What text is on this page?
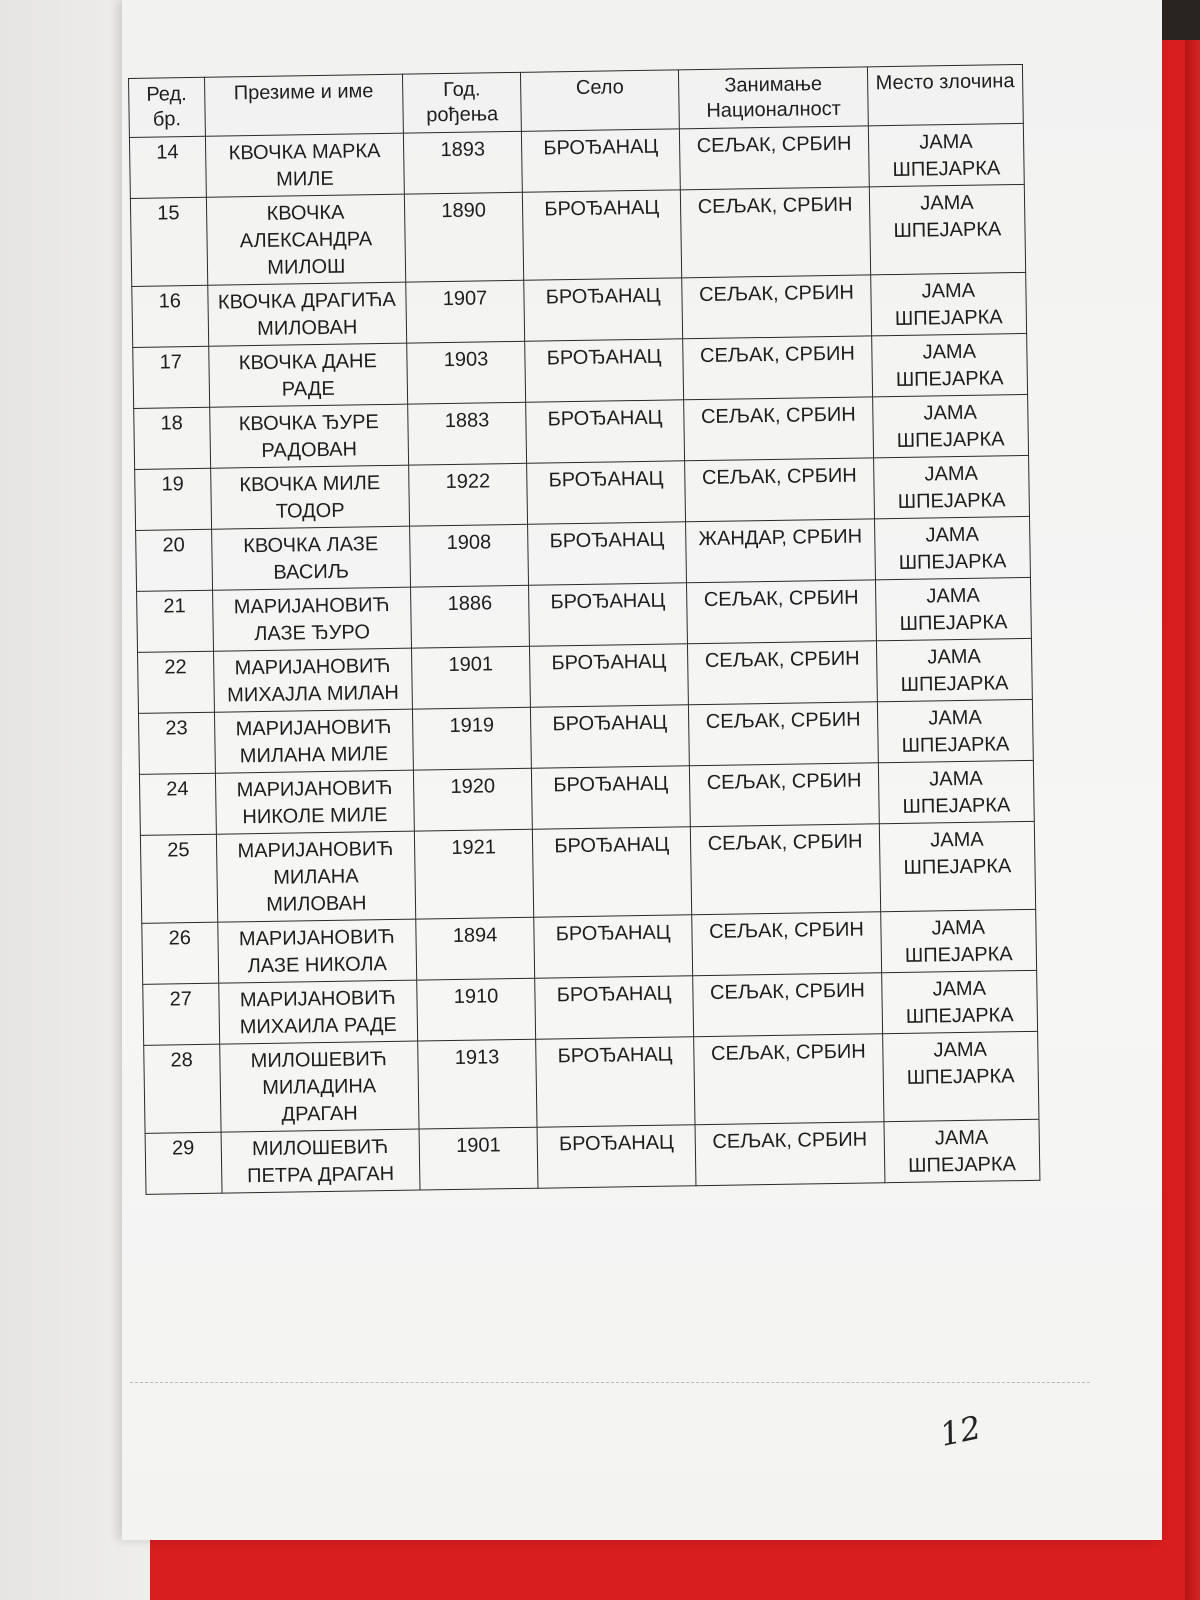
Ред. бр.	Презиме и име	Год. рођења	Село	Занимање Националност	Место злочина
14	КВОЧКА МАРКА МИЛЕ	1893	БРОЂАНАЦ	СЕЉАК, СРБИН	ЈАМА ШПЕЈАРКА
15	КВОЧКА АЛЕКСАНДРА МИЛОШ	1890	БРОЂАНАЦ	СЕЉАК, СРБИН	ЈАМА ШПЕЈАРКА
16	КВОЧКА ДРАГИЋА МИЛОВАН	1907	БРОЂАНАЦ	СЕЉАК, СРБИН	ЈАМА ШПЕЈАРКА
17	КВОЧКА ДАНЕ РАДЕ	1903	БРОЂАНАЦ	СЕЉАК, СРБИН	ЈАМА ШПЕЈАРКА
18	КВОЧКА ЂУРЕ РАДОВАН	1883	БРОЂАНАЦ	СЕЉАК, СРБИН	ЈАМА ШПЕЈАРКА
19	КВОЧКА МИЛЕ ТОДОР	1922	БРОЂАНАЦ	СЕЉАК, СРБИН	ЈАМА ШПЕЈАРКА
20	КВОЧКА ЛАЗЕ ВАСИЉ	1908	БРОЂАНАЦ	ЖАНДАР, СРБИН	ЈАМА ШПЕЈАРКА
21	МАРИЈАНОВИЋ ЛАЗЕ ЂУРО	1886	БРОЂАНАЦ	СЕЉАК, СРБИН	ЈАМА ШПЕЈАРКА
22	МАРИЈАНОВИЋ МИХАЈЛА МИЛАН	1901	БРОЂАНАЦ	СЕЉАК, СРБИН	ЈАМА ШПЕЈАРКА
23	МАРИЈАНОВИЋ МИЛАНА МИЛЕ	1919	БРОЂАНАЦ	СЕЉАК, СРБИН	ЈАМА ШПЕЈАРКА
24	МАРИЈАНОВИЋ НИКОЛЕ МИЛЕ	1920	БРОЂАНАЦ	СЕЉАК, СРБИН	ЈАМА ШПЕЈАРКА
25	МАРИЈАНОВИЋ МИЛАНА МИЛОВАН	1921	БРОЂАНАЦ	СЕЉАК, СРБИН	ЈАМА ШПЕЈАРКА
26	МАРИЈАНОВИЋ ЛАЗЕ НИКОЛА	1894	БРОЂАНАЦ	СЕЉАК, СРБИН	ЈАМА ШПЕЈАРКА
27	МАРИЈАНОВИЋ МИХАИЛА РАДЕ	1910	БРОЂАНАЦ	СЕЉАК, СРБИН	ЈАМА ШПЕЈАРКА
28	МИЛОШЕВИЋ МИЛАДИНА ДРАГАН	1913	БРОЂАНАЦ	СЕЉАК, СРБИН	ЈАМА ШПЕЈАРКА
29	МИЛОШЕВИЋ ПЕТРА ДРАГАН	1901	БРОЂАНАЦ	СЕЉАК, СРБИН	ЈАМА ШПЕЈАРКА
12
